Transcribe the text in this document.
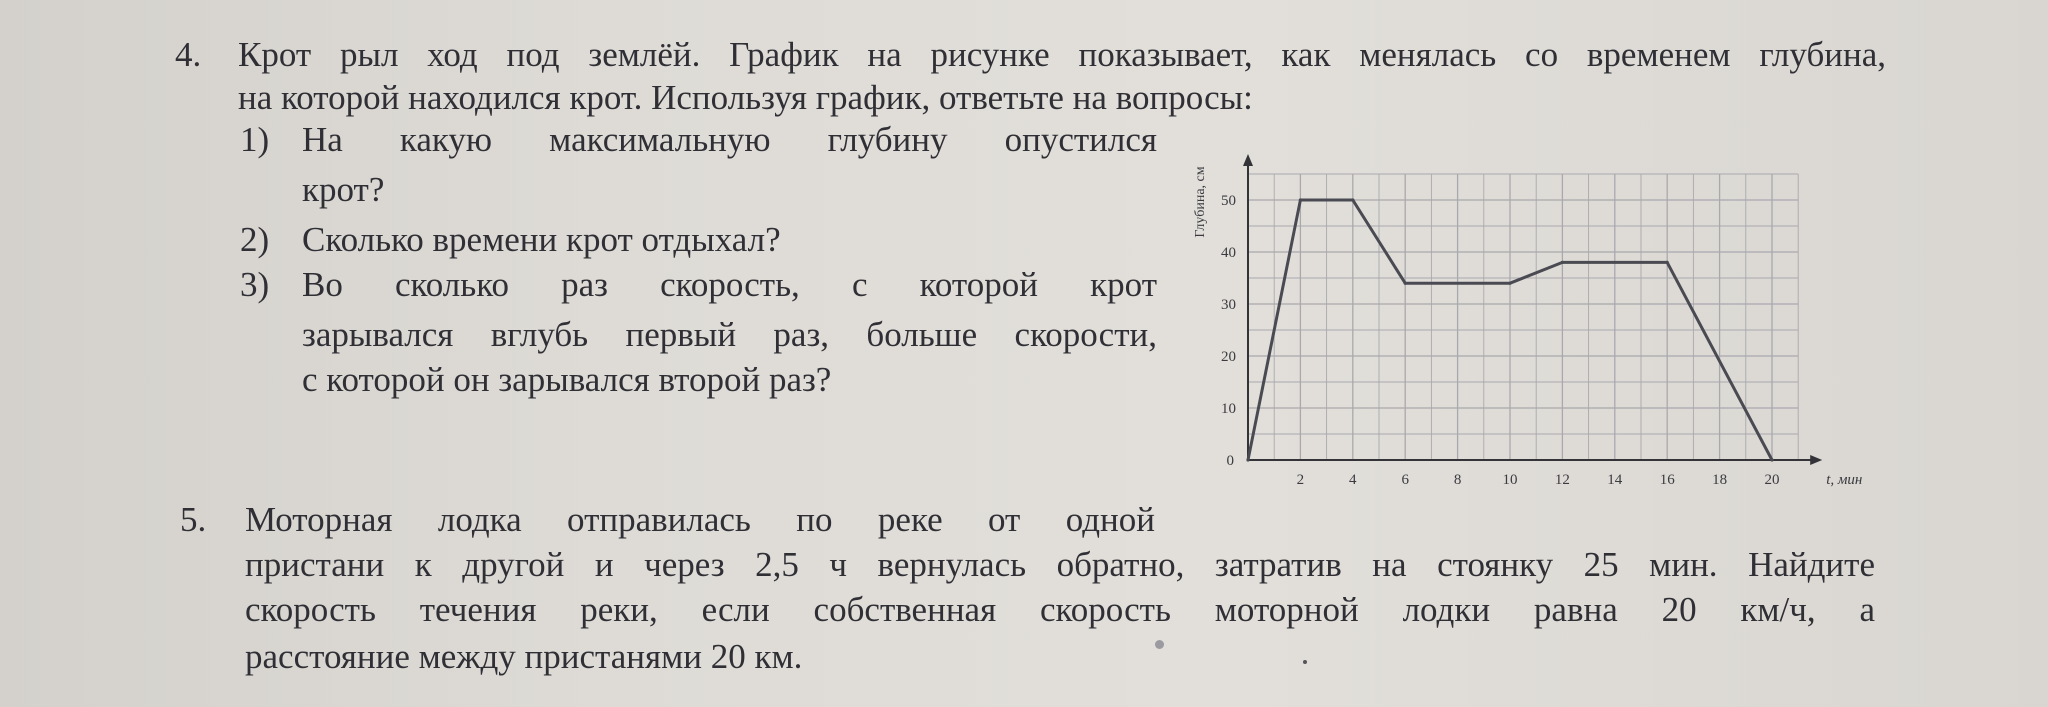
4. Крот рыл ход под землёй. График на рисунке показывает, как менялась со временем глубина,
на которой находился крот. Используя график, ответьте на вопросы:
1) На какую максимальную глубину опустился
крот?
2) Сколько времени крот отдыхал?
3) Во сколько раз скорость, с которой крот
зарывался вглубь первый раз, больше скорости,
с которой он зарывался второй раз?
2	4	6	8	10 12 14 16 18 20
10
20
30
40
50
0
t, мин
Глубина, см
5. Моторная лодка отправилась по реке от одной
пристани к другой и через 2,5 ч вернулась обратно, затратив на стоянку 25 мин. Найдите
скорость течения реки, если собственная скорость моторной лодки равна 20 км/ч, а
расстояние между пристанями 20 км.
